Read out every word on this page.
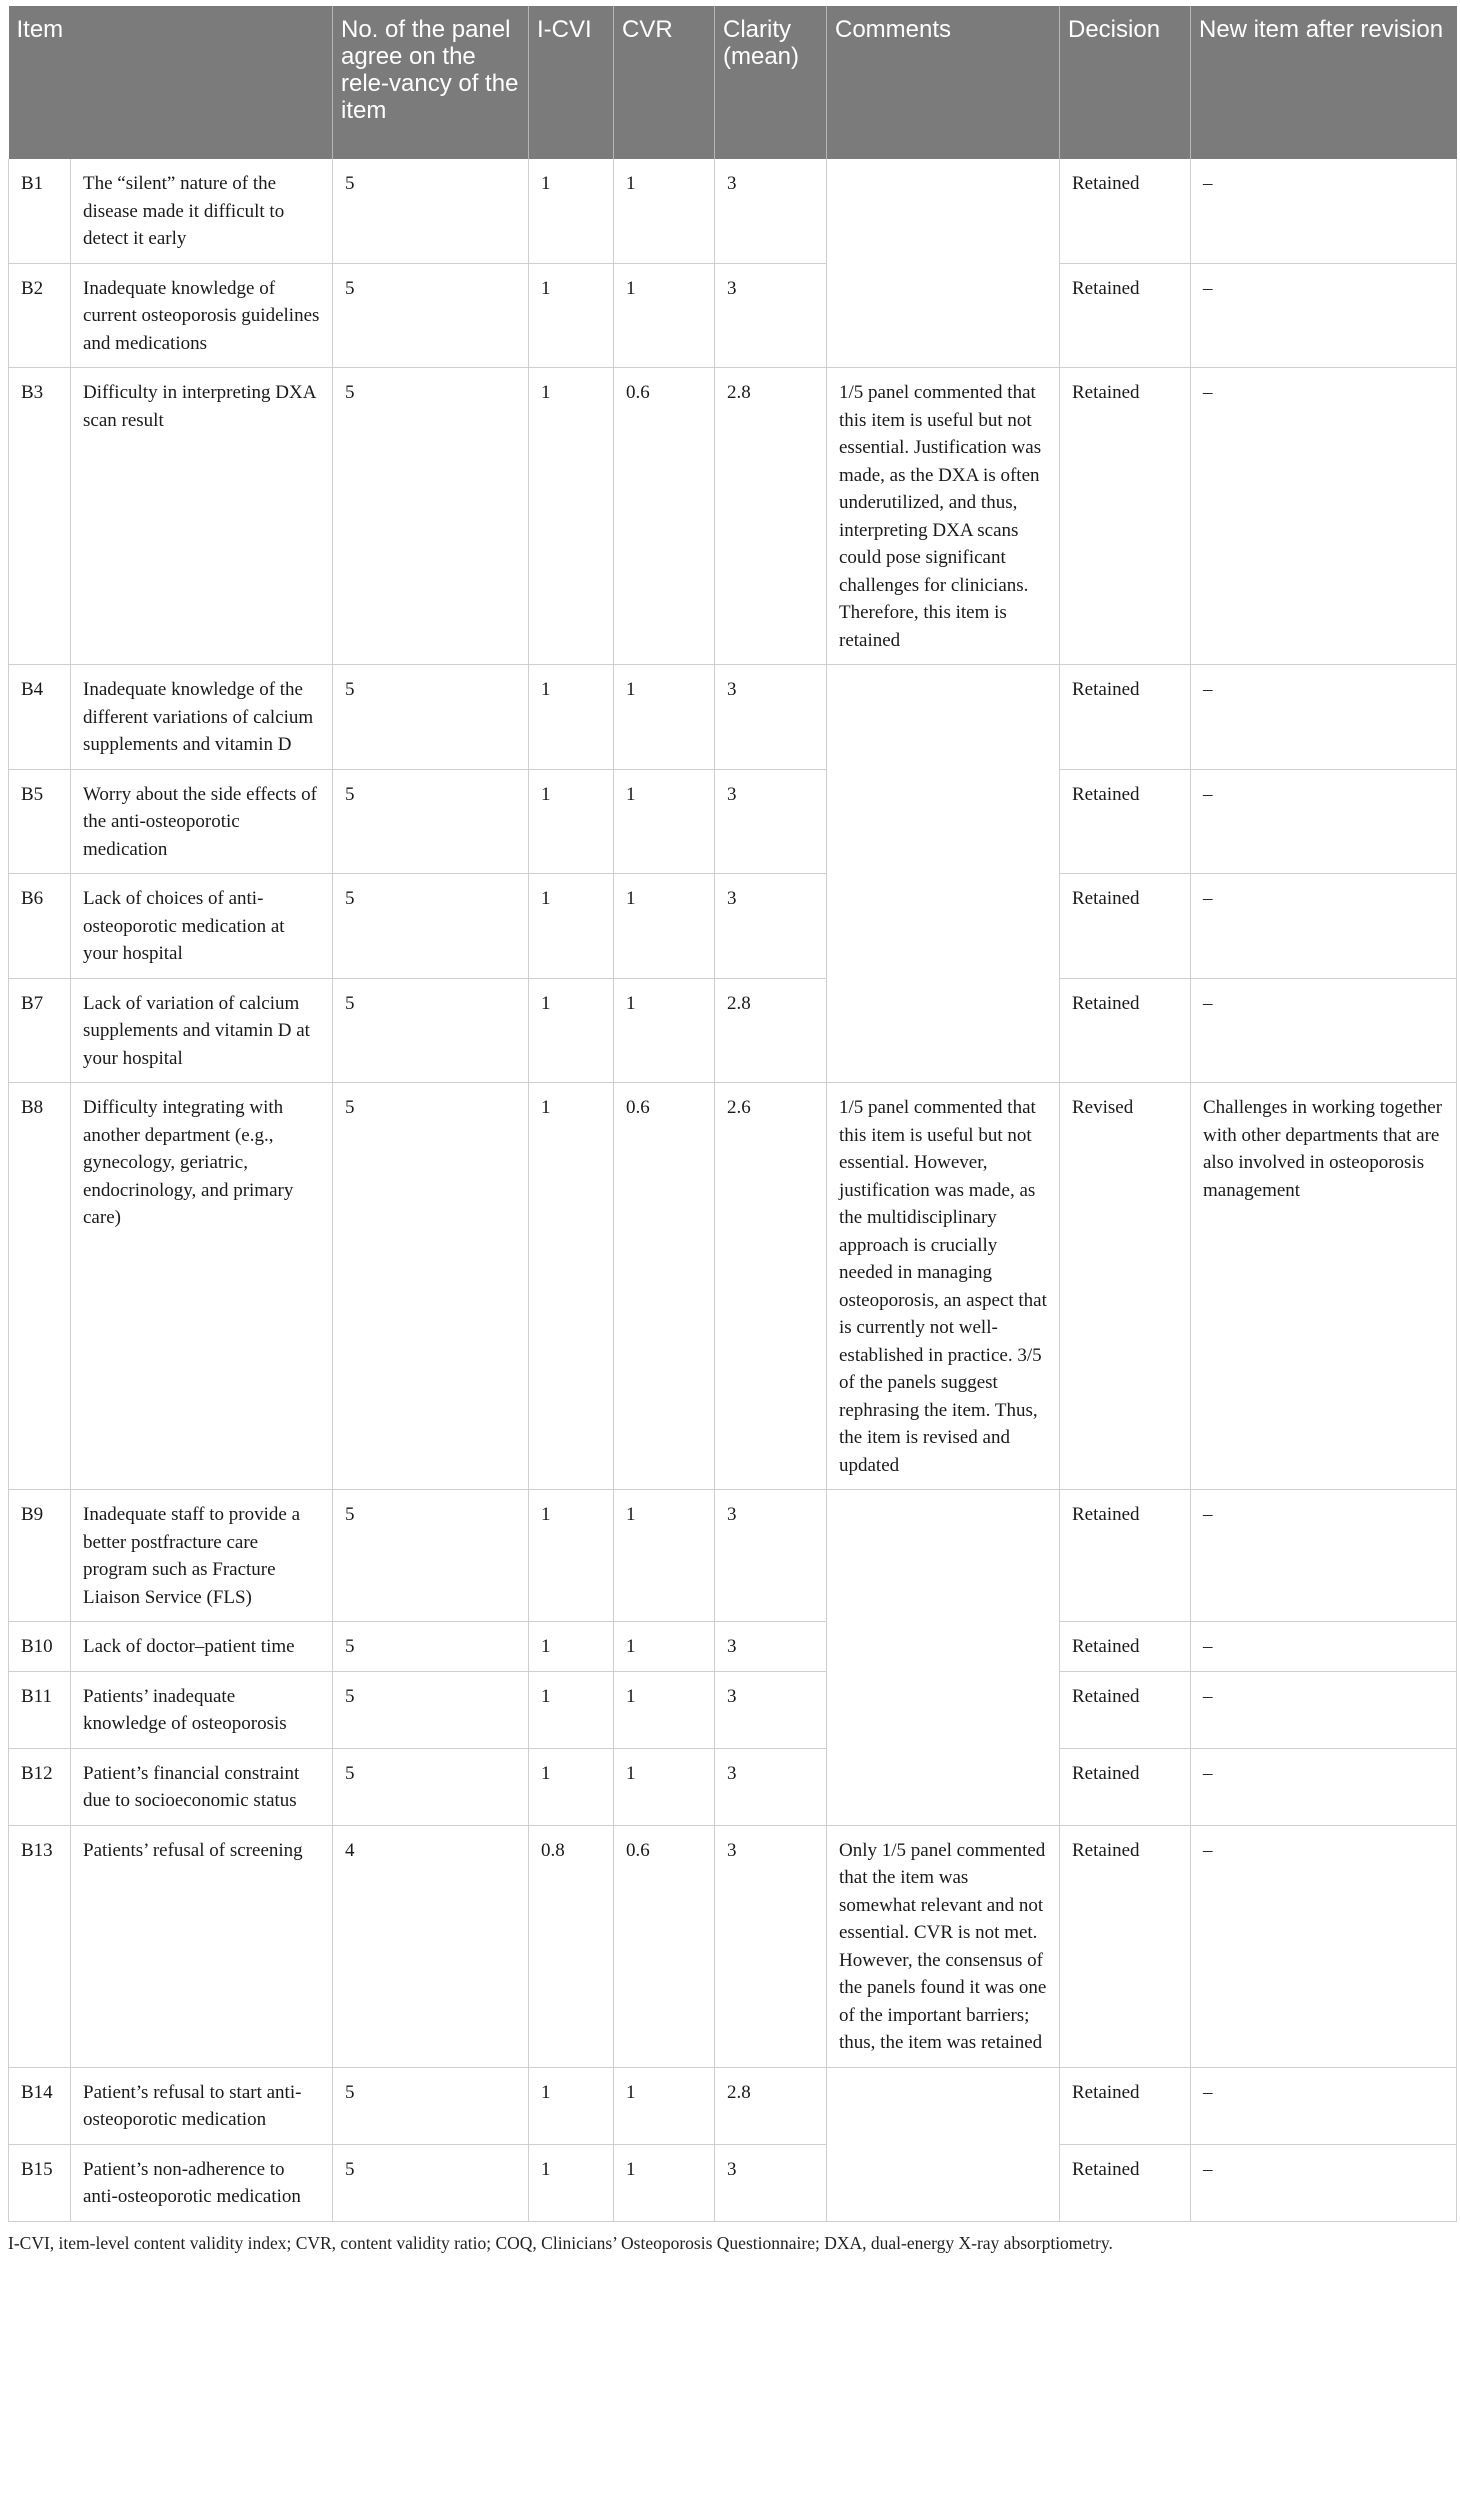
Item		No. of the panel agree on the rele-vancy of the item	I-CVI	CVR	Clarity (mean)	Comments	Decision	New item after revision
B1	The “silent” nature of the disease made it difficult to detect it early	5	1	1	3		Retained	–
B2	Inadequate knowledge of current osteoporosis guidelines and medications	5	1	1	3		Retained	–
B3	Difficulty in interpreting DXA scan result	5	1	0.6	2.8	1/5 panel commented that this item is useful but not essential. Justification was made, as the DXA is often underutilized, and thus, interpreting DXA scans could pose significant challenges for clinicians. Therefore, this item is retained	Retained	–
B4	Inadequate knowledge of the different variations of calcium supplements and vitamin D	5	1	1	3		Retained	–
B5	Worry about the side effects of the anti-osteoporotic medication	5	1	1	3		Retained	–
B6	Lack of choices of anti-osteoporotic medication at your hospital	5	1	1	3		Retained	–
B7	Lack of variation of calcium supplements and vitamin D at your hospital	5	1	1	2.8		Retained	–
B8	Difficulty integrating with another department (e.g., gynecology, geriatric, endocrinology, and primary care)	5	1	0.6	2.6	1/5 panel commented that this item is useful but not essential. However, justification was made, as the multidisciplinary approach is crucially needed in managing osteoporosis, an aspect that is currently not well-established in practice. 3/5 of the panels suggest rephrasing the item. Thus, the item is revised and updated	Revised	Challenges in working together with other departments that are also involved in osteoporosis management
B9	Inadequate staff to provide a better postfracture care program such as Fracture Liaison Service (FLS)	5	1	1	3		Retained	–
B10	Lack of doctor–patient time	5	1	1	3		Retained	–
B11	Patients’ inadequate knowledge of osteoporosis	5	1	1	3		Retained	–
B12	Patient’s financial constraint due to socioeconomic status	5	1	1	3		Retained	–
B13	Patients’ refusal of screening	4	0.8	0.6	3	Only 1/5 panel commented that the item was somewhat relevant and not essential. CVR is not met. However, the consensus of the panels found it was one of the important barriers; thus, the item was retained	Retained	–
B14	Patient’s refusal to start anti-osteoporotic medication	5	1	1	2.8		Retained	–
B15	Patient’s non-adherence to anti-osteoporotic medication	5	1	1	3		Retained	–
I-CVI, item-level content validity index; CVR, content validity ratio; COQ, Clinicians’ Osteoporosis Questionnaire; DXA, dual-energy X-ray absorptiometry.
